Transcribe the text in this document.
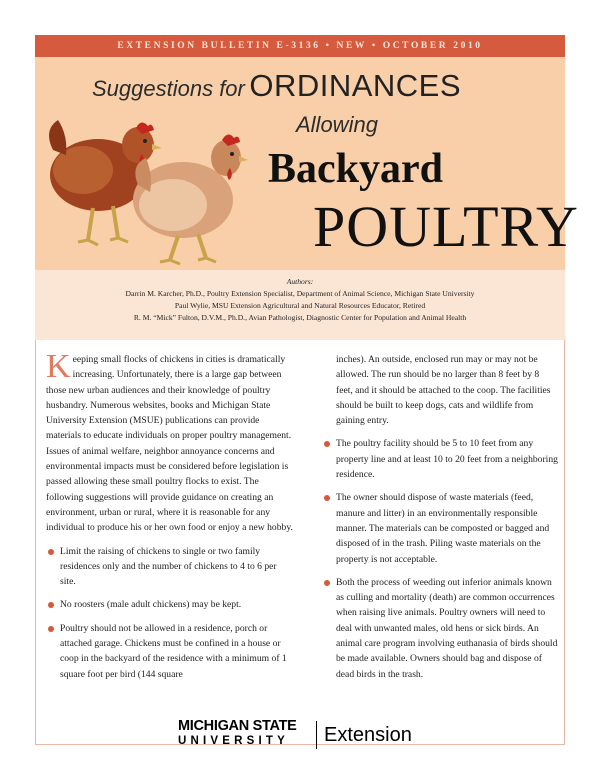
EXTENSION BULLETIN E-3136 • NEW • OCTOBER 2010
Suggestions for ORDINANCES
Allowing
Backyard
POULTRY
Authors:
Darrin M. Karcher, Ph.D., Poultry Extension Specialist, Department of Animal Science, Michigan State University
Paul Wylie, MSU Extension Agricultural and Natural Resources Educator, Retired
R. M. “Mick” Fulton, D.V.M., Ph.D., Avian Pathologist, Diagnostic Center for Population and Animal Health

Keeping small flocks of chickens in cities is dramatically increasing. Unfortunately, there is a large gap between those new urban audiences and their knowledge of poultry husbandry. Numerous websites, books and Michigan State University Extension (MSUE) publications can provide materials to educate individuals on proper poultry management. Issues of animal welfare, neighbor annoyance concerns and environmental impacts must be considered before legislation is passed allowing these small poultry flocks to exist. The following suggestions will provide guidance on creating an environment, urban or rural, where it is reasonable for any individual to produce his or her own food or enjoy a new hobby.

Limit the raising of chickens to single or two family residences only and the number of chickens to 4 to 6 per site.
No roosters (male adult chickens) may be kept.
Poultry should not be allowed in a residence, porch or attached garage. Chickens must be confined in a house or coop in the backyard of the residence with a minimum of 1 square foot per bird (144 square

inches). An outside, enclosed run may or may not be allowed. The run should be no larger than 8 feet by 8 feet, and it should be attached to the coop. The facilities should be built to keep dogs, cats and wildlife from gaining entry.

The poultry facility should be 5 to 10 feet from any property line and at least 10 to 20 feet from a neighboring residence.
The owner should dispose of waste materials (feed, manure and litter) in an environmentally responsible manner. The materials can be composted or bagged and disposed of in the trash. Piling waste materials on the property is not acceptable.
Both the process of weeding out inferior animals known as culling and mortality (death) are common occurrences when raising live animals. Poultry owners will need to deal with unwanted males, old hens or sick birds. An animal care program involving euthanasia of birds should be made available. Owners should bag and dispose of dead birds in the trash.
MICHIGAN STATE
UNIVERSITY	Extension
